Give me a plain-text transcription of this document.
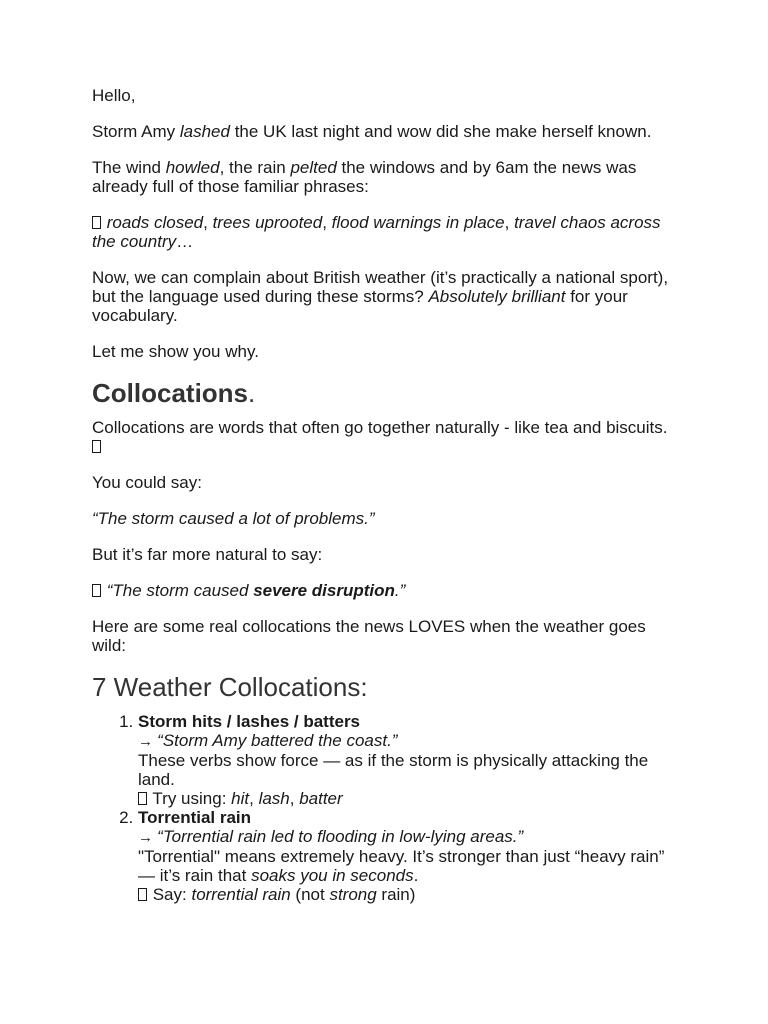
Hello,

Storm Amy lashed the UK last night and wow did she make herself known.

The wind howled, the rain pelted the windows and by 6am the news was already full of those familiar phrases:

roads closed, trees uprooted, flood warnings in place, travel chaos across the country…

Now, we can complain about British weather (it’s practically a national sport), but the language used during these storms? Absolutely brilliant for your vocabulary.

Let me show you why.

Collocations.

Collocations are words that often go together naturally - like tea and biscuits.

You could say:

“The storm caused a lot of problems.”

But it’s far more natural to say:

“The storm caused severe disruption.”

Here are some real collocations the news LOVES when the weather goes wild:

7 Weather Collocations:
1. Storm hits / lashes / batters
→ “Storm Amy battered the coast.”
These verbs show force — as if the storm is physically attacking the land.
Try using: hit, lash, batter
2. Torrential rain
→ “Torrential rain led to flooding in low-lying areas.”
"Torrential" means extremely heavy. It’s stronger than just “heavy rain” — it’s rain that soaks you in seconds.
Say: torrential rain (not strong rain)
